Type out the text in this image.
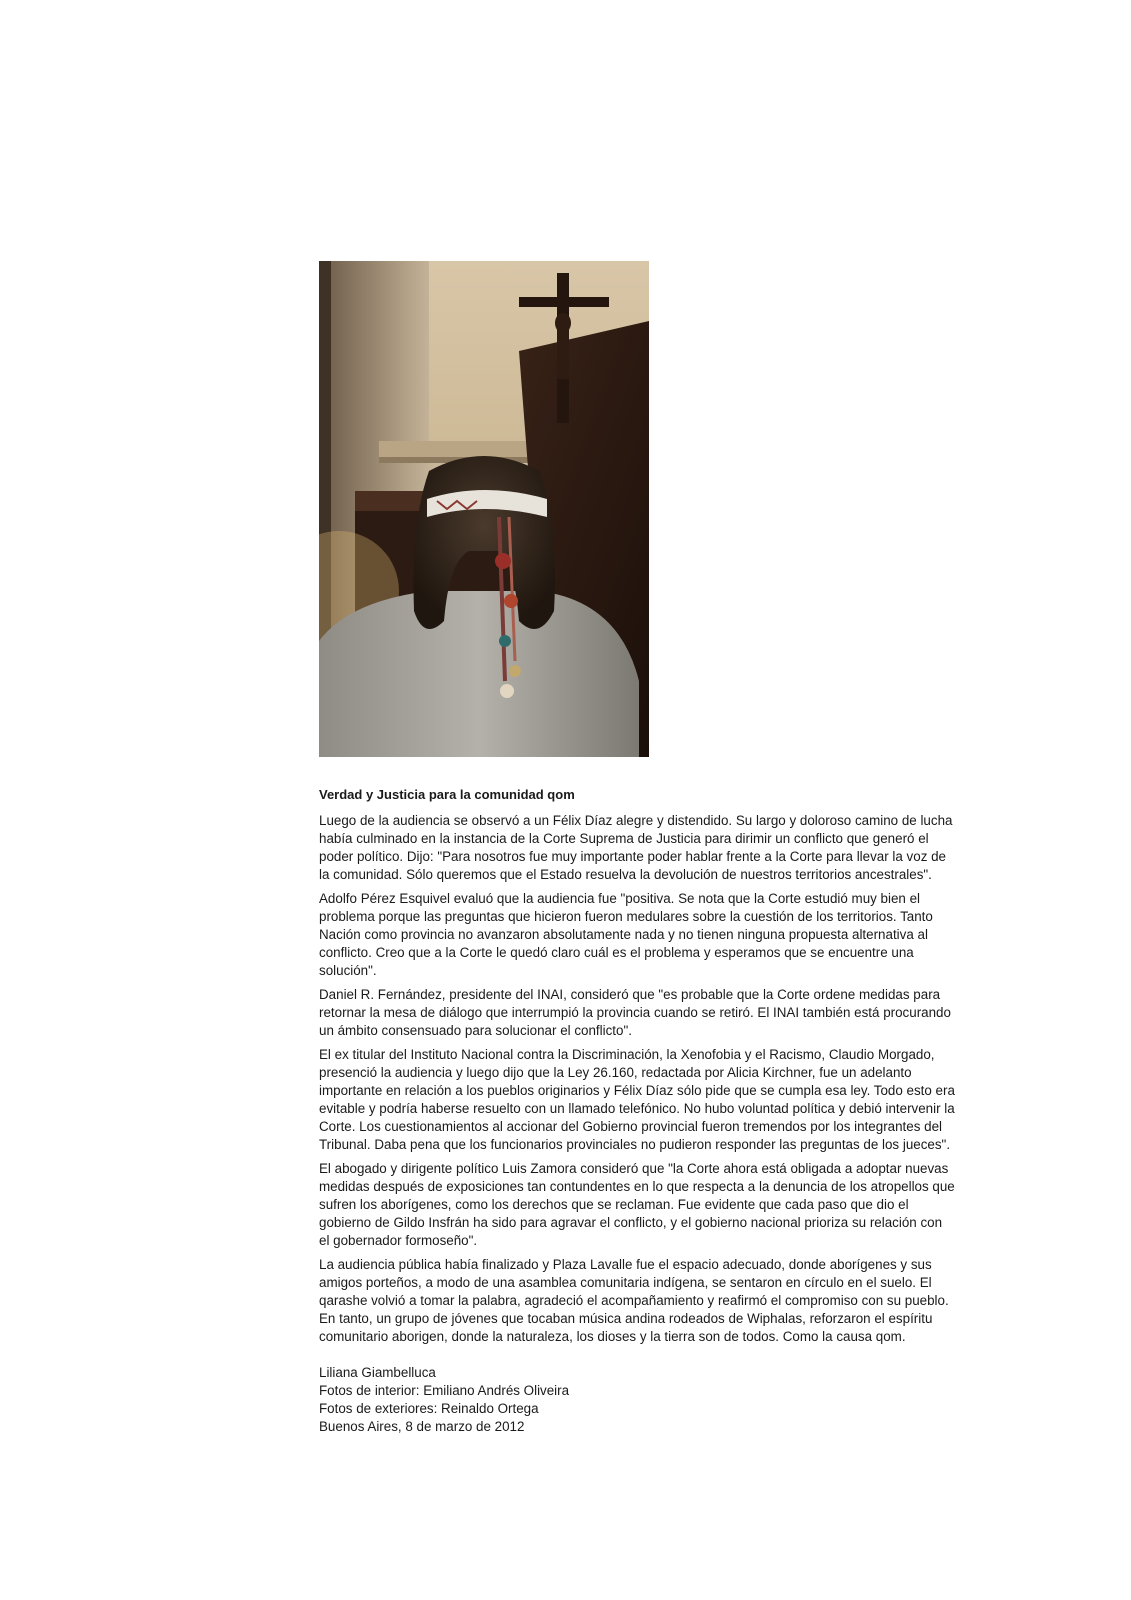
Verdad y Justicia para la comunidad qom

Luego de la audiencia se observó a un Félix Díaz alegre y distendido. Su largo y doloroso camino de lucha había culminado en la instancia de la Corte Suprema de Justicia para dirimir un conflicto que generó el poder político. Dijo: "Para nosotros fue muy importante poder hablar frente a la Corte para llevar la voz de la comunidad. Sólo queremos que el Estado resuelva la devolución de nuestros territorios ancestrales".

Adolfo Pérez Esquivel evaluó que la audiencia fue "positiva. Se nota que la Corte estudió muy bien el problema porque las preguntas que hicieron fueron medulares sobre la cuestión de los territorios. Tanto Nación como provincia no avanzaron absolutamente nada y no tienen ninguna propuesta alternativa al conflicto. Creo que a la Corte le quedó claro cuál es el problema y esperamos que se encuentre una solución".

Daniel R. Fernández, presidente del INAI, consideró que "es probable que la Corte ordene medidas para retornar la mesa de diálogo que interrumpió la provincia cuando se retiró. El INAI también está procurando un ámbito consensuado para solucionar el conflicto".

El ex titular del Instituto Nacional contra la Discriminación, la Xenofobia y el Racismo, Claudio Morgado, presenció la audiencia y luego dijo que la Ley 26.160, redactada por Alicia Kirchner, fue un adelanto importante en relación a los pueblos originarios y Félix Díaz sólo pide que se cumpla esa ley. Todo esto era evitable y podría haberse resuelto con un llamado telefónico. No hubo voluntad política y debió intervenir la Corte. Los cuestionamientos al accionar del Gobierno provincial fueron tremendos por los integrantes del Tribunal. Daba pena que los funcionarios provinciales no pudieron responder las preguntas de los jueces".

El abogado y dirigente político Luis Zamora consideró que "la Corte ahora está obligada a adoptar nuevas medidas después de exposiciones tan contundentes en lo que respecta a la denuncia de los atropellos que sufren los aborígenes, como los derechos que se reclaman. Fue evidente que cada paso que dio el gobierno de Gildo Insfrán ha sido para agravar el conflicto, y el gobierno nacional prioriza su relación con el gobernador formoseño".

La audiencia pública había finalizado y Plaza Lavalle fue el espacio adecuado, donde aborígenes y sus amigos porteños, a modo de una asamblea comunitaria indígena, se sentaron en círculo en el suelo. El qarashe volvió a tomar la palabra, agradeció el acompañamiento y reafirmó el compromiso con su pueblo. En tanto, un grupo de jóvenes que tocaban música andina rodeados de Wiphalas, reforzaron el espíritu comunitario aborigen, donde la naturaleza, los dioses y la tierra son de todos. Como la causa qom.

Liliana Giambelluca
Fotos de interior: Emiliano Andrés Oliveira
Fotos de exteriores: Reinaldo Ortega
Buenos Aires, 8 de marzo de 2012
